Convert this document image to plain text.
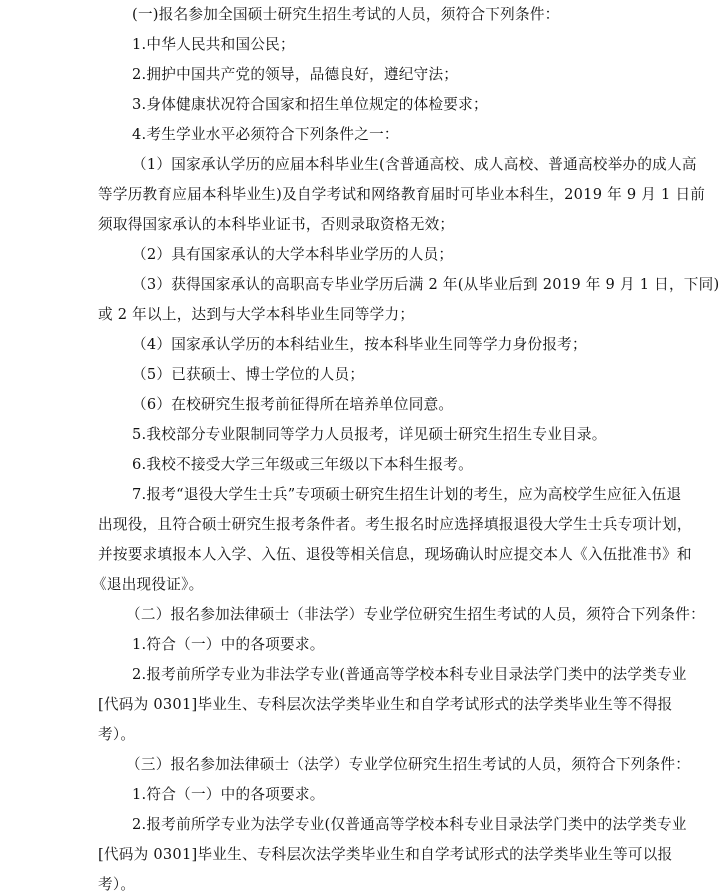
(一)报名参加全国硕士研究生招生考试的人员，须符合下列条件：
1.中华人民共和国公民；
2.拥护中国共产党的领导，品德良好，遵纪守法；
3.身体健康状况符合国家和招生单位规定的体检要求；
4.考生学业水平必须符合下列条件之一：
（1）国家承认学历的应届本科毕业生(含普通高校、成人高校、普通高校举办的成人高
等学历教育应届本科毕业生)及自学考试和网络教育届时可毕业本科生，2019 年 9 月 1 日前
须取得国家承认的本科毕业证书，否则录取资格无效；
（2）具有国家承认的大学本科毕业学历的人员；
（3）获得国家承认的高职高专毕业学历后满 2 年(从毕业后到 2019 年 9 月 1 日，下同)
或 2 年以上，达到与大学本科毕业生同等学力；
（4）国家承认学历的本科结业生，按本科毕业生同等学力身份报考；
（5）已获硕士、博士学位的人员；
（6）在校研究生报考前征得所在培养单位同意。
5.我校部分专业限制同等学力人员报考，详见硕士研究生招生专业目录。
6.我校不接受大学三年级或三年级以下本科生报考。
7.报考“退役大学生士兵”专项硕士研究生招生计划的考生，应为高校学生应征入伍退
出现役，且符合硕士研究生报考条件者。考生报名时应选择填报退役大学生士兵专项计划，
并按要求填报本人入学、入伍、退役等相关信息，现场确认时应提交本人《入伍批准书》和
《退出现役证》。
（二）报名参加法律硕士（非法学）专业学位研究生招生考试的人员，须符合下列条件：
1.符合（一）中的各项要求。
2.报考前所学专业为非法学专业(普通高等学校本科专业目录法学门类中的法学类专业
[代码为 0301]毕业生、专科层次法学类毕业生和自学考试形式的法学类毕业生等不得报
考）。
（三）报名参加法律硕士（法学）专业学位研究生招生考试的人员，须符合下列条件：
1.符合（一）中的各项要求。
2.报考前所学专业为法学专业(仅普通高等学校本科专业目录法学门类中的法学类专业
[代码为 0301]毕业生、专科层次法学类毕业生和自学考试形式的法学类毕业生等可以报
考）。
